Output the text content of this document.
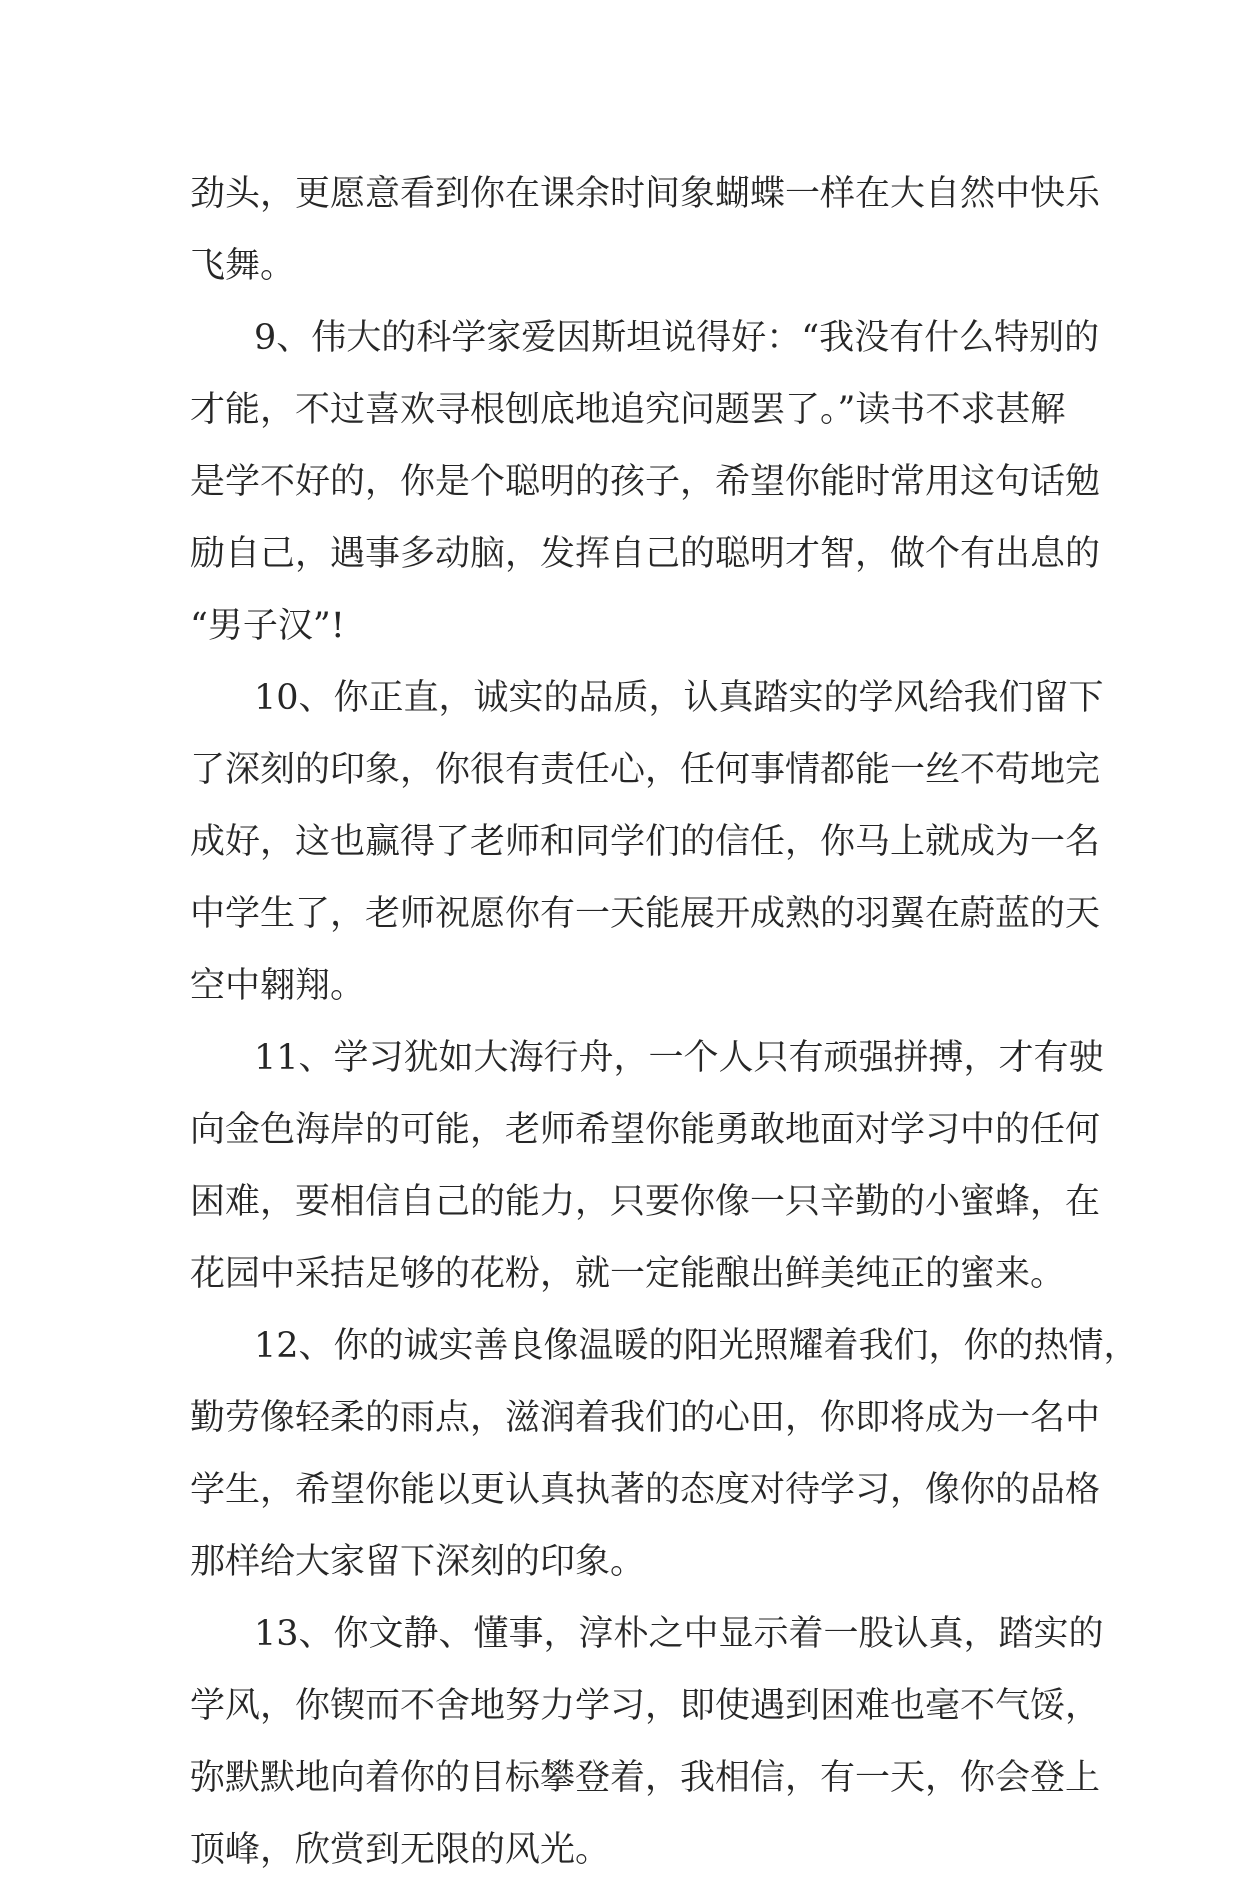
劲头，更愿意看到你在课余时间象蝴蝶一样在大自然中快乐
飞舞。
9、伟大的科学家爱因斯坦说得好：“我没有什么特别的
才能，不过喜欢寻根刨底地追究问题罢了。”读书不求甚解
是学不好的，你是个聪明的孩子，希望你能时常用这句话勉
励自己，遇事多动脑，发挥自己的聪明才智，做个有出息的
“男子汉”!
10、你正直，诚实的品质，认真踏实的学风给我们留下
了深刻的印象，你很有责任心，任何事情都能一丝不苟地完
成好，这也赢得了老师和同学们的信任，你马上就成为一名
中学生了，老师祝愿你有一天能展开成熟的羽翼在蔚蓝的天
空中翱翔。
11、学习犹如大海行舟，一个人只有顽强拼搏，才有驶
向金色海岸的可能，老师希望你能勇敢地面对学习中的任何
困难，要相信自己的能力，只要你像一只辛勤的小蜜蜂，在
花园中采拮足够的花粉，就一定能酿出鲜美纯正的蜜来。
12、你的诚实善良像温暖的阳光照耀着我们，你的热情，
勤劳像轻柔的雨点，滋润着我们的心田，你即将成为一名中
学生，希望你能以更认真执著的态度对待学习，像你的品格
那样给大家留下深刻的印象。
13、你文静、懂事，淳朴之中显示着一股认真，踏实的
学风，你锲而不舍地努力学习，即使遇到困难也毫不气馁，
弥默默地向着你的目标攀登着，我相信，有一天，你会登上
顶峰，欣赏到无限的风光。
